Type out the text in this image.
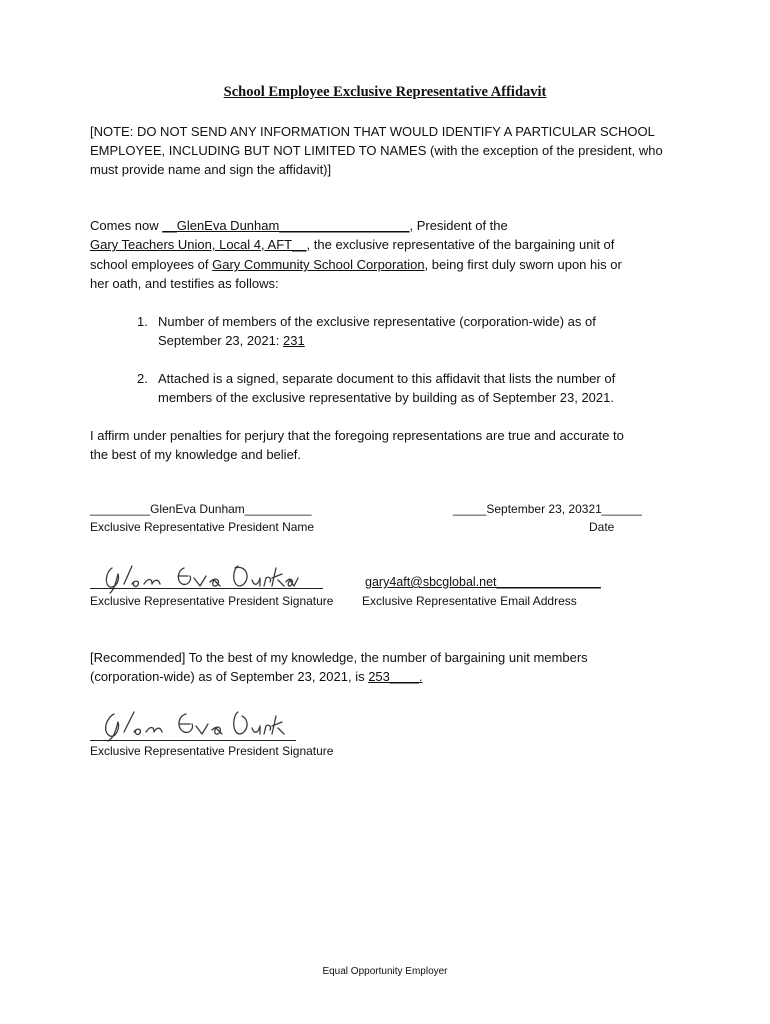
School Employee Exclusive Representative Affidavit
[NOTE: DO NOT SEND ANY INFORMATION THAT WOULD IDENTIFY A PARTICULAR SCHOOL
EMPLOYEE, INCLUDING BUT NOT LIMITED TO NAMES (with the exception of the president, who
must provide name and sign the affidavit)]
Comes now __GlenEva Dunham__________________, President of the
Gary Teachers Union, Local 4, AFT__, the exclusive representative of the bargaining unit of
school employees of Gary Community School Corporation, being first duly sworn upon his or
her oath, and testifies as follows:
1. Number of members of the exclusive representative (corporation-wide) as of
September 23, 2021: 231
2. Attached is a signed, separate document to this affidavit that lists the number of
members of the exclusive representative by building as of September 23, 2021.
I affirm under penalties for perjury that the foregoing representations are true and accurate to
the best of my knowledge and belief.
_________GlenEva Dunham__________
Exclusive Representative President Name
_____September 23, 20321______
Date
Exclusive Representative President Signature
gary4aft@sbcglobal.net_______________
Exclusive Representative Email Address
[Recommended] To the best of my knowledge, the number of bargaining unit members
(corporation-wide) as of September 23, 2021, is 253____.
Exclusive Representative President Signature
Equal Opportunity Employer
